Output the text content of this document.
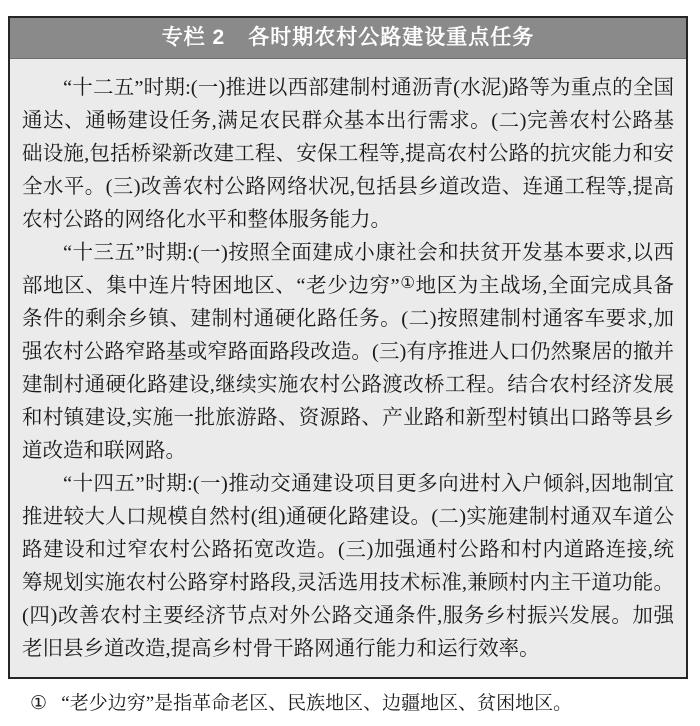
专栏 2 各时期农村公路建设重点任务

“十二五”时期:(一)推进以西部建制村通沥青(水泥)路等为重点的全国通达、通畅建设任务,满足农民群众基本出行需求。(二)完善农村公路基础设施,包括桥梁新改建工程、安保工程等,提高农村公路的抗灾能力和安全水平。(三)改善农村公路网络状况,包括县乡道改造、连通工程等,提高农村公路的网络化水平和整体服务能力。

“十三五”时期:(一)按照全面建成小康社会和扶贫开发基本要求,以西部地区、集中连片特困地区、“老少边穷”①地区为主战场,全面完成具备条件的剩余乡镇、建制村通硬化路任务。(二)按照建制村通客车要求,加强农村公路窄路基或窄路面路段改造。(三)有序推进人口仍然聚居的撤并建制村通硬化路建设,继续实施农村公路渡改桥工程。结合农村经济发展和村镇建设,实施一批旅游路、资源路、产业路和新型村镇出口路等县乡道改造和联网路。

“十四五”时期:(一)推动交通建设项目更多向进村入户倾斜,因地制宜推进较大人口规模自然村(组)通硬化路建设。(二)实施建制村通双车道公路建设和过窄农村公路拓宽改造。(三)加强通村公路和村内道路连接,统筹规划实施农村公路穿村路段,灵活选用技术标准,兼顾村内主干道功能。(四)改善农村主要经济节点对外公路交通条件,服务乡村振兴发展。加强老旧县乡道改造,提高乡村骨干路网通行能力和运行效率。

① “老少边穷”是指革命老区、民族地区、边疆地区、贫困地区。
